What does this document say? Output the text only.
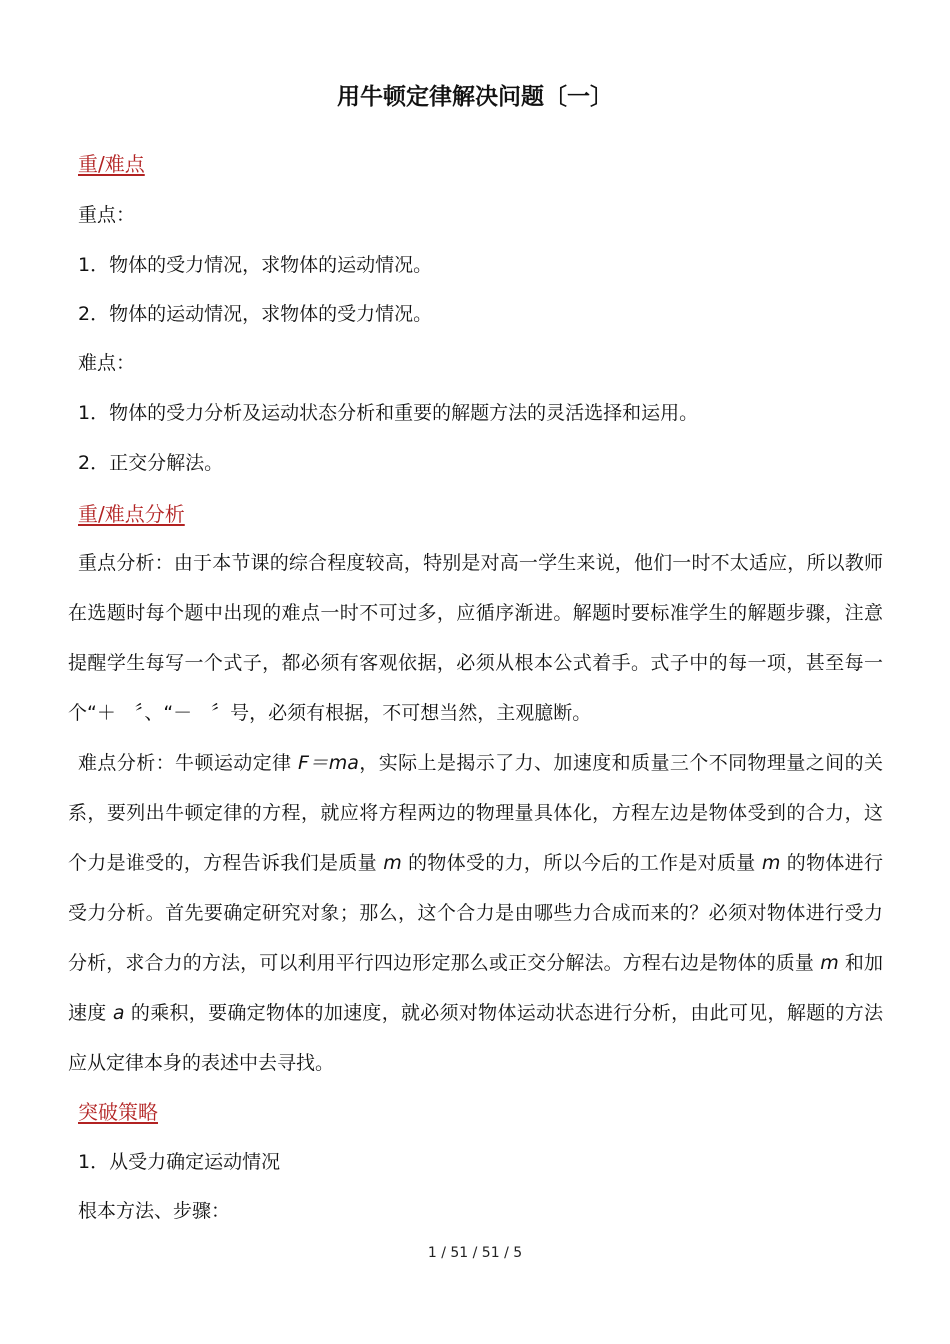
用牛顿定律解决问题〔一〕
重/难点
重点：
1．物体的受力情况，求物体的运动情况。
2．物体的运动情况，求物体的受力情况。
难点：
1．物体的受力分析及运动状态分析和重要的解题方法的灵活选择和运用。
2．正交分解法。
重/难点分析

重点分析：由于本节课的综合程度较高，特别是对高一学生来说，他们一时不太适应，所以教师在选题时每个题中出现的难点一时不可过多，应循序渐进。解题时要标准学生的解题步骤，注意提醒学生每写一个式子，都必须有客观依据，必须从根本公式着手。式子中的每一项，甚至每一个“＋　〞、“－　〞号，必须有根据，不可想当然，主观臆断。

难点分析：牛顿运动定律 F＝ma，实际上是揭示了力、加速度和质量三个不同物理量之间的关系，要列出牛顿定律的方程，就应将方程两边的物理量具体化，方程左边是物体受到的合力，这个力是谁受的，方程告诉我们是质量 m 的物体受的力，所以今后的工作是对质量 m 的物体进行受力分析。首先要确定研究对象；那么，这个合力是由哪些力合成而来的？必须对物体进行受力分析，求合力的方法，可以利用平行四边形定那么或正交分解法。方程右边是物体的质量 m 和加速度 a 的乘积，要确定物体的加速度，就必须对物体运动状态进行分析，由此可见，解题的方法应从定律本身的表述中去寻找。

突破策略
1．从受力确定运动情况
根本方法、步骤：
1 / 51 / 51 / 5
